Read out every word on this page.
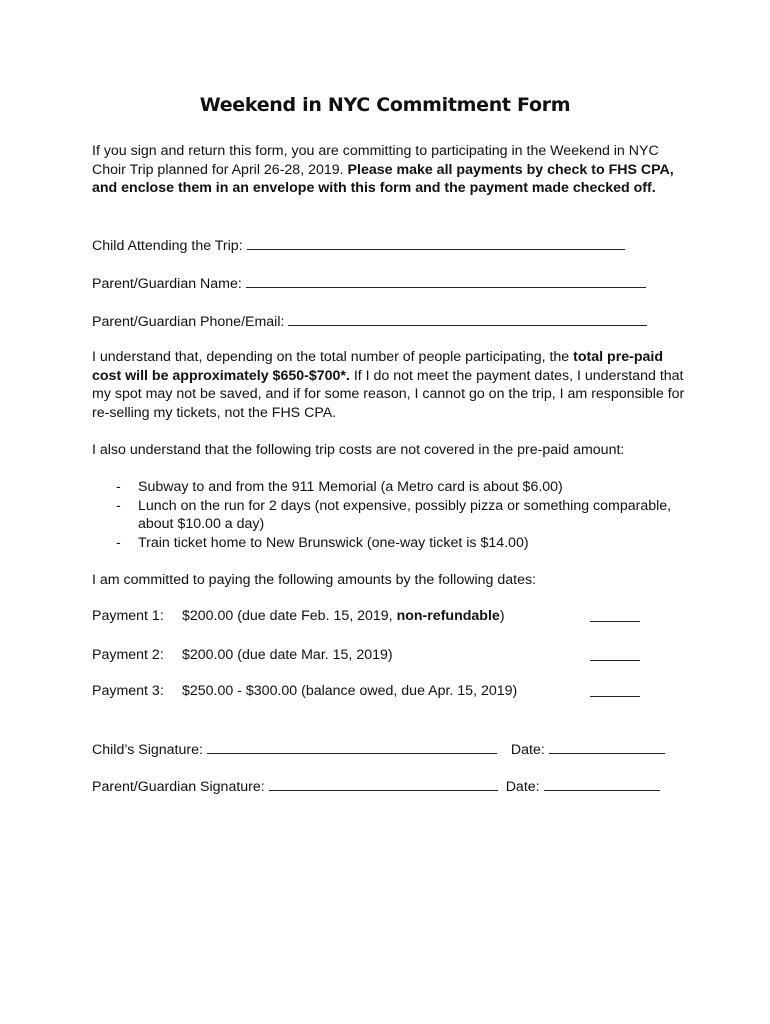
Weekend in NYC Commitment Form
If you sign and return this form, you are committing to participating in the Weekend in NYC Choir Trip planned for April 26-28, 2019. Please make all payments by check to FHS CPA, and enclose them in an envelope with this form and the payment made checked off.
Child Attending the Trip:
Parent/Guardian Name:
Parent/Guardian Phone/Email:
I understand that, depending on the total number of people participating, the total pre-paid cost will be approximately $650-$700*. If I do not meet the payment dates, I understand that my spot may not be saved, and if for some reason, I cannot go on the trip, I am responsible for re-selling my tickets, not the FHS CPA.
I also understand that the following trip costs are not covered in the pre-paid amount:
- Subway to and from the 911 Memorial (a Metro card is about $6.00)
- Lunch on the run for 2 days (not expensive, possibly pizza or something comparable, about $10.00 a day)
- Train ticket home to New Brunswick (one-way ticket is $14.00)
I am committed to paying the following amounts by the following dates:
Payment 1: $200.00 (due date Feb. 15, 2019, non-refundable)
Payment 2: $200.00 (due date Mar. 15, 2019)
Payment 3: $250.00 - $300.00 (balance owed, due Apr. 15, 2019)
Child’s Signature:	Date:
Parent/Guardian Signature:	Date:
